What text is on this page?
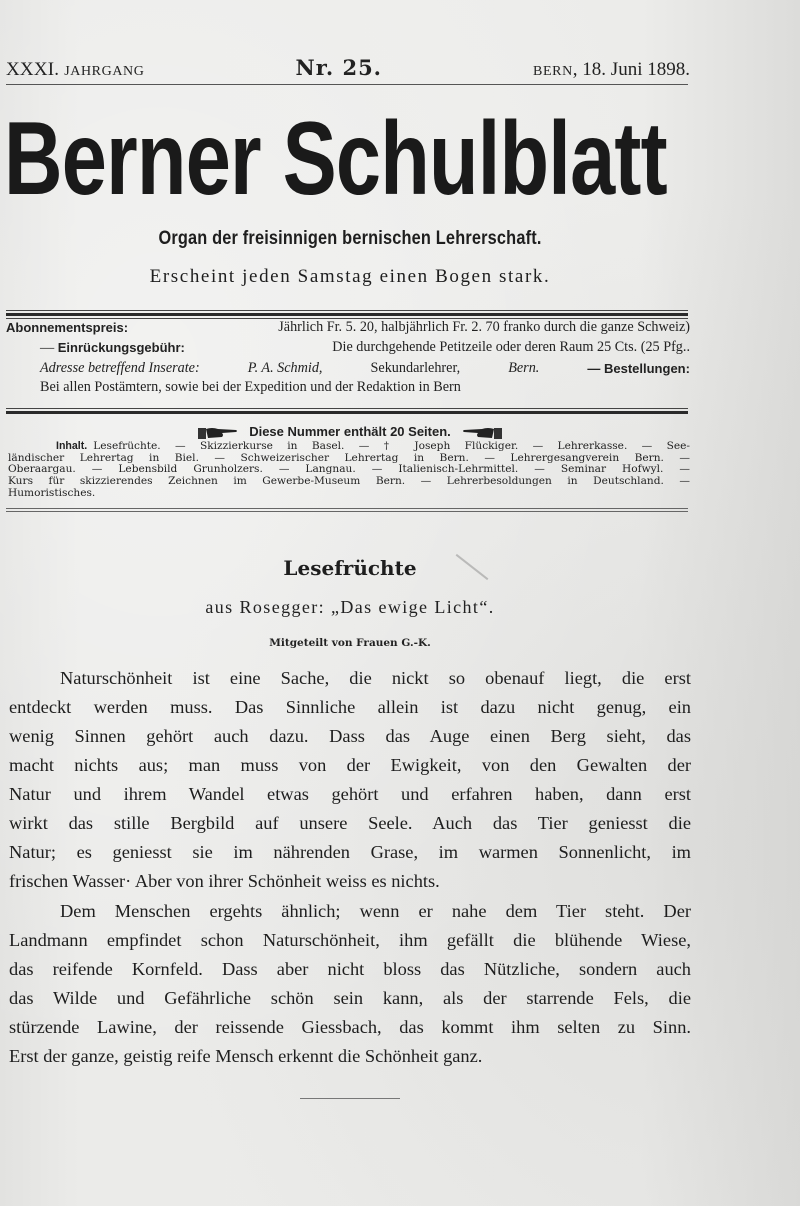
XXXI. JAHRGANG	Nr. 25.	BERN, 18. Juni 1898.
Berner Schulblatt
Organ der freisinnigen bernischen Lehrerschaft.
Erscheint jeden Samstag einen Bogen stark.
Abonnementspreis:	Jährlich Fr. 5. 20, halbjährlich Fr. 2. 70 franko durch die ganze Schweiz)
— Einrückungsgebühr:	Die durchgehende Petitzeile oder deren Raum 25 Cts. (25 Pfg..
Adresse betreffend Inserate:	P. A. Schmid,	Sekundarlehrer,	Bern.	— Bestellungen:
Bei allen Postämtern, sowie bei der Expedition und der Redaktion in Bern
Diese Nummer enthält 20 Seiten.
Inhalt. Lesefrüchte. — Skizzierkurse in Basel. — † Joseph Flückiger. — Lehrerkasse. — See-
ländischer Lehrertag in Biel. — Schweizerischer Lehrertag in Bern. — Lehrergesangverein Bern. —
Oberaargau. — Lebensbild Grunholzers. — Langnau. — Italienisch-Lehrmittel. — Seminar Hofwyl. —
Kurs für skizzierendes Zeichnen im Gewerbe-Museum Bern. — Lehrerbesoldungen in Deutschland. —
Humoristisches.
Lesefrüchte
aus Rosegger: „Das ewige Licht“.
Mitgeteilt von Frauen G.-K.
Naturschönheit ist eine Sache, die nickt so obenauf liegt, die erst
entdeckt werden muss. Das Sinnliche allein ist dazu nicht genug, ein
wenig Sinnen gehört auch dazu. Dass das Auge einen Berg sieht, das
macht nichts aus; man muss von der Ewigkeit, von den Gewalten der
Natur und ihrem Wandel etwas gehört und erfahren haben, dann erst
wirkt das stille Bergbild auf unsere Seele. Auch das Tier geniesst die
Natur; es geniesst sie im nährenden Grase, im warmen Sonnenlicht, im
frischen Wasser· Aber von ihrer Schönheit weiss es nichts.
Dem Menschen ergehts ähnlich; wenn er nahe dem Tier steht. Der
Landmann empfindet schon Naturschönheit, ihm gefällt die blühende Wiese,
das reifende Kornfeld. Dass aber nicht bloss das Nützliche, sondern auch
das Wilde und Gefährliche schön sein kann, als der starrende Fels, die
stürzende Lawine, der reissende Giessbach, das kommt ihm selten zu Sinn.
Erst der ganze, geistig reife Mensch erkennt die Schönheit ganz.
